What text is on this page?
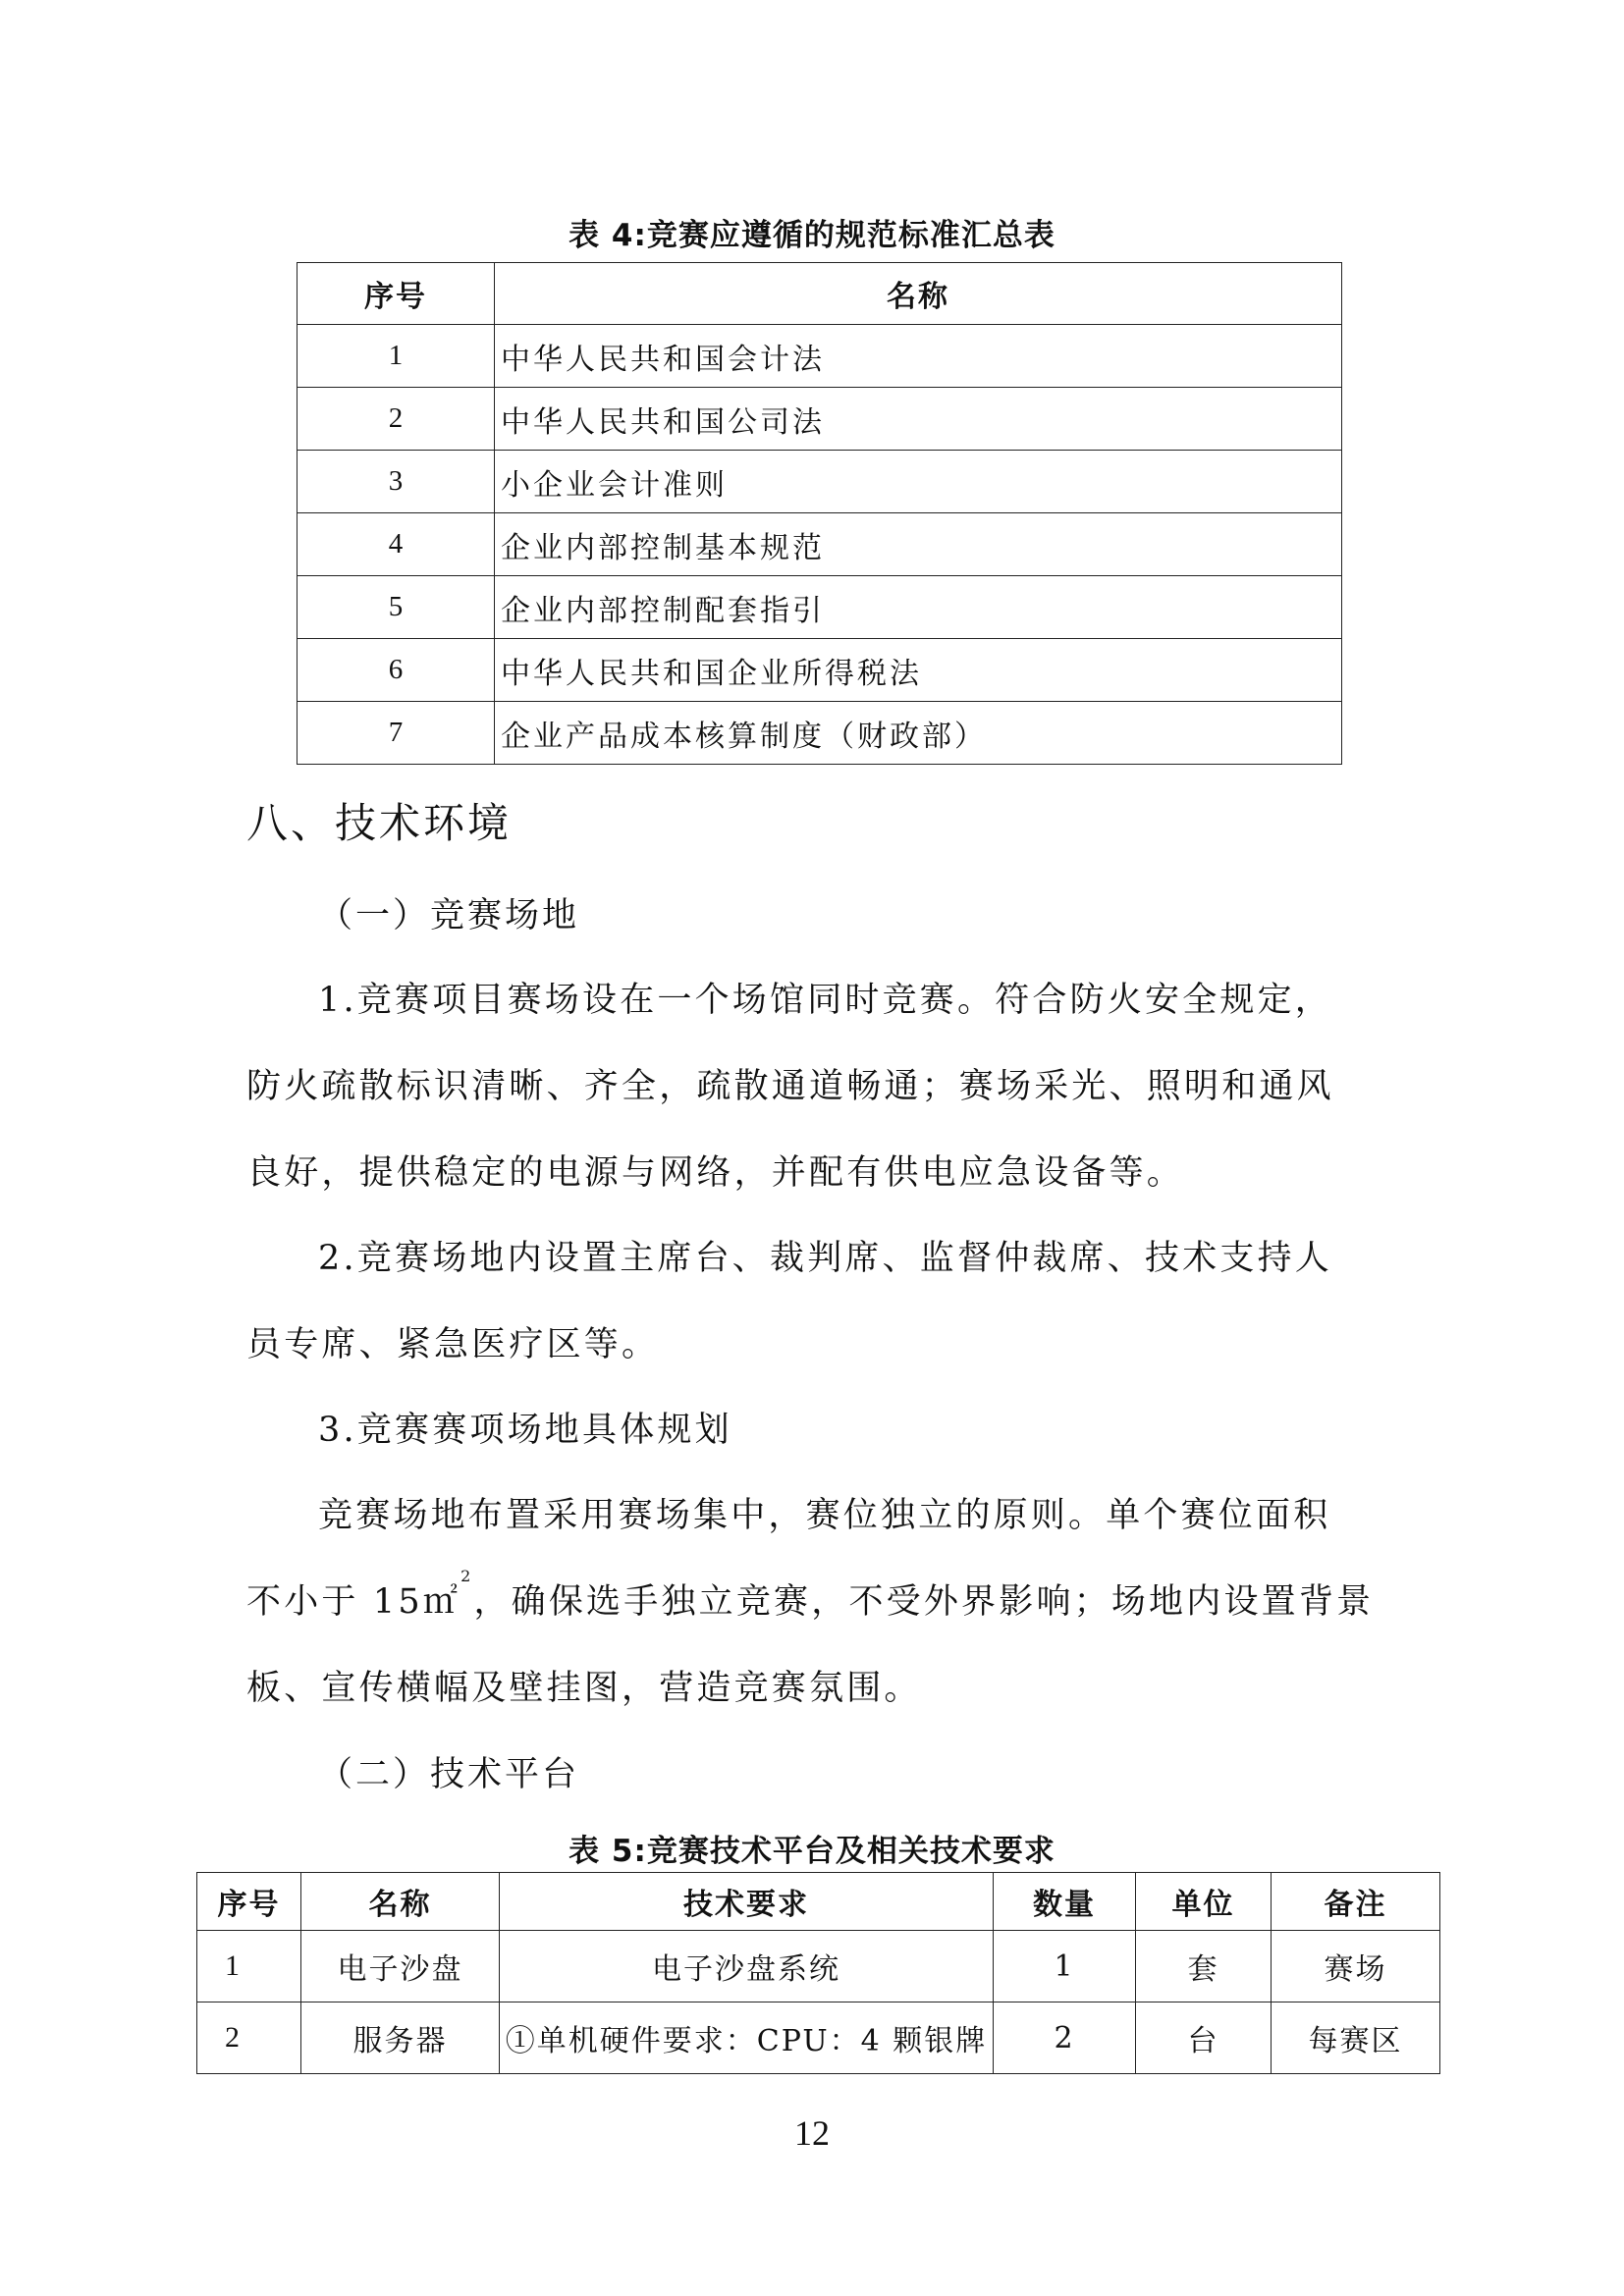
表 4:竞赛应遵循的规范标准汇总表
序号	名称
1	中华人民共和国会计法
2	中华人民共和国公司法
3	小企业会计准则
4	企业内部控制基本规范
5	企业内部控制配套指引
6	中华人民共和国企业所得税法
7	企业产品成本核算制度（财政部）
八、技术环境
（一）竞赛场地
1.竞赛项目赛场设在一个场馆同时竞赛。符合防火安全规定，
防火疏散标识清晰、齐全，疏散通道畅通；赛场采光、照明和通风
良好，提供稳定的电源与网络，并配有供电应急设备等。
2.竞赛场地内设置主席台、裁判席、监督仲裁席、技术支持人
员专席、紧急医疗区等。
3.竞赛赛项场地具体规划
竞赛场地布置采用赛场集中，赛位独立的原则。单个赛位面积
不小于 15㎡$^2$，确保选手独立竞赛，不受外界影响；场地内设置背景
板、宣传横幅及壁挂图，营造竞赛氛围。
（二）技术平台
表 5:竞赛技术平台及相关技术要求
序号	名称	技术要求	数量	单位	备注
1	电子沙盘	电子沙盘系统	1	套	赛场
2	服务器	①单机硬件要求：CPU：4 颗银牌	2	台	每赛区
12
